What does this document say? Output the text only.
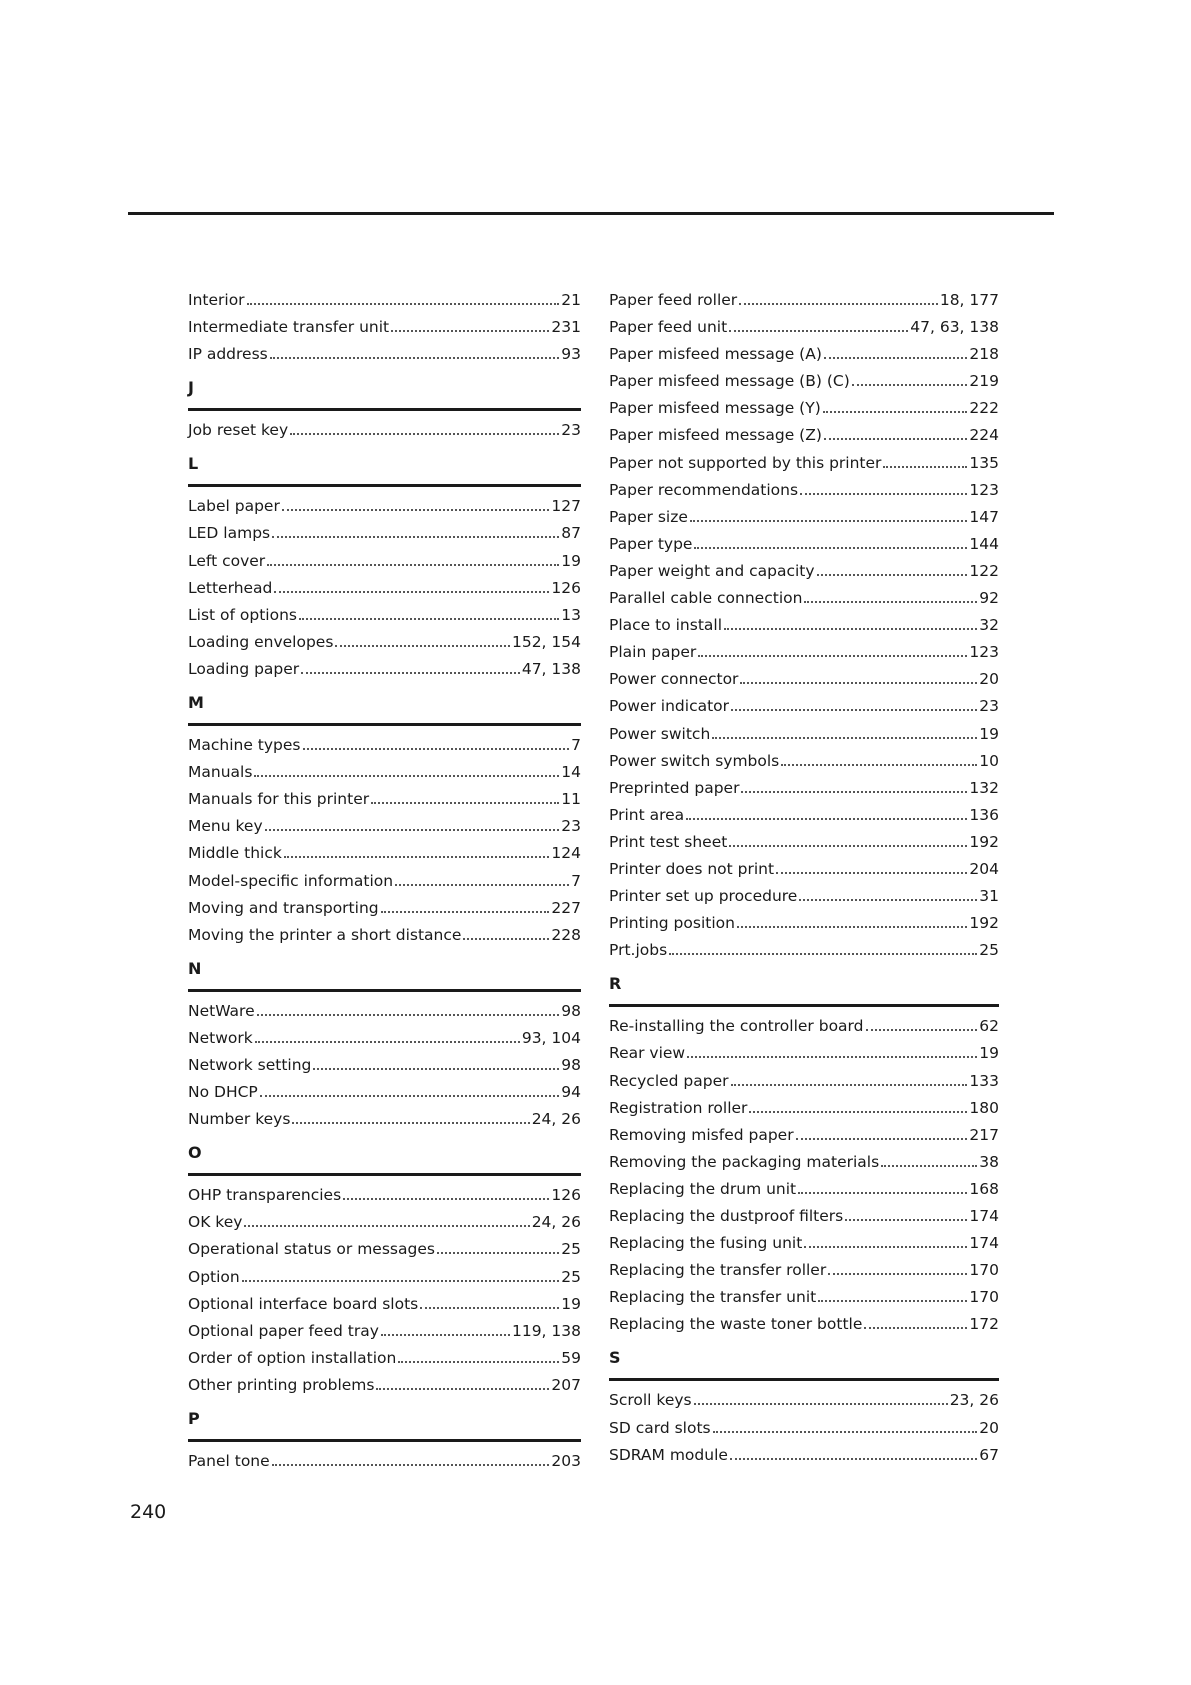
Interior	21
Intermediate transfer unit	231
IP address	93
J
Job reset key	23
L
Label paper	127
LED lamps	87
Left cover	19
Letterhead	126
List of options	13
Loading envelopes	152, 154
Loading paper	47, 138
M
Machine types	7
Manuals	14
Manuals for this printer	11
Menu key	23
Middle thick	124
Model-specific information	7
Moving and transporting	227
Moving the printer a short distance	228
N
NetWare	98
Network	93, 104
Network setting	98
No DHCP	94
Number keys	24, 26
O
OHP transparencies	126
OK key	24, 26
Operational status or messages	25
Option	25
Optional interface board slots	19
Optional paper feed tray	119, 138
Order of option installation	59
Other printing problems	207
P
Panel tone	203
Paper feed roller	18, 177
Paper feed unit	47, 63, 138
Paper misfeed message (A)	218
Paper misfeed message (B) (C)	219
Paper misfeed message (Y)	222
Paper misfeed message (Z)	224
Paper not supported by this printer	135
Paper recommendations	123
Paper size	147
Paper type	144
Paper weight and capacity	122
Parallel cable connection	92
Place to install	32
Plain paper	123
Power connector	20
Power indicator	23
Power switch	19
Power switch symbols	10
Preprinted paper	132
Print area	136
Print test sheet	192
Printer does not print	204
Printer set up procedure	31
Printing position	192
Prt.jobs	25
R
Re-installing the controller board	62
Rear view	19
Recycled paper	133
Registration roller	180
Removing misfed paper	217
Removing the packaging materials	38
Replacing the drum unit	168
Replacing the dustproof filters	174
Replacing the fusing unit	174
Replacing the transfer roller	170
Replacing the transfer unit	170
Replacing the waste toner bottle	172
S
Scroll keys	23, 26
SD card slots	20
SDRAM module	67
240
